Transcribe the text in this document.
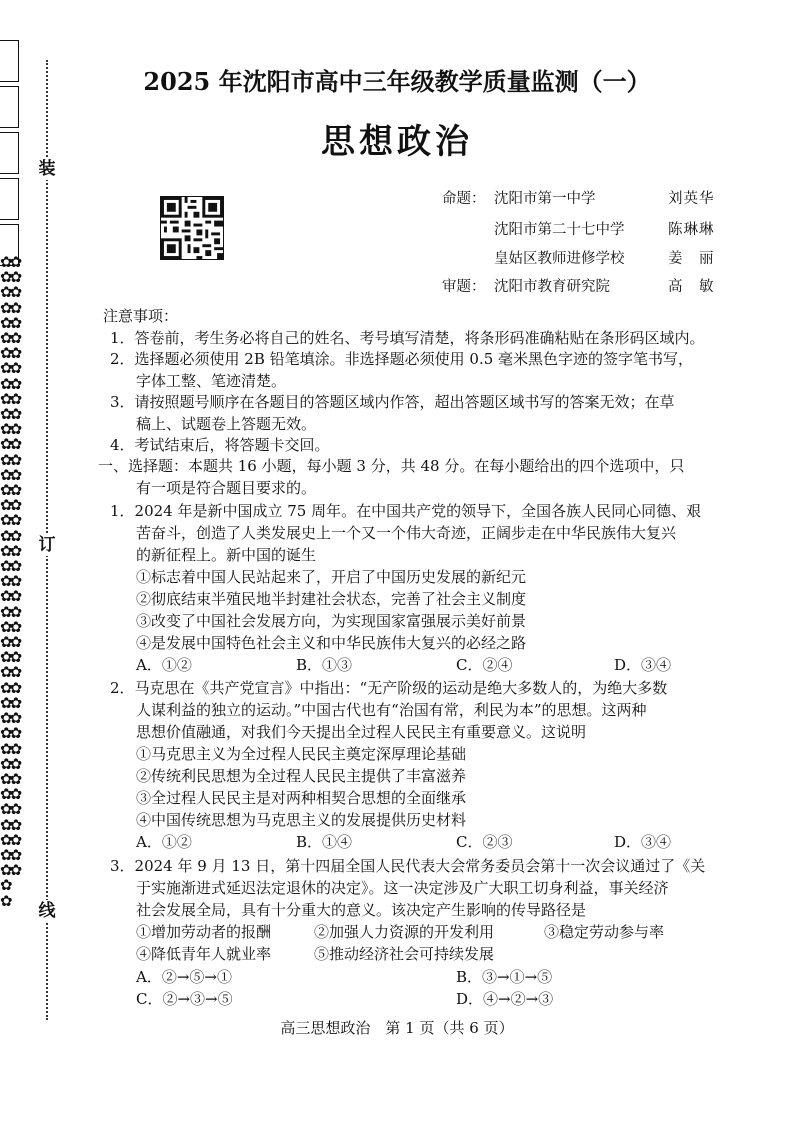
✿✿
✿✿
✿✿
✿✿
✿✿
✿✿
✿✿
✿✿
✿✿
✿✿
✿✿
✿✿
✿✿
✿✿
✿✿
✿✿
✿✿
✿✿
✿✿
✿✿
✿✿
✿✿
✿✿
✿✿
✿✿
✿✿
✿✿
✿✿
✿✿
✿✿
✿✿
✿✿
✿✿
✿✿
✿✿
✿✿
✿✿
✿✿
✿✿
✿✿
✿✿
✿
✿
装
订
线
2025 年沈阳市高中三年级教学质量监测（一）
思想政治
命题： 沈阳市第一中学	刘英华
沈阳市第二十七中学	陈琳琳
皇姑区教师进修学校	姜　丽
审题： 沈阳市教育研究院	高　敏
注意事项：
1．答卷前，考生务必将自己的姓名、考号填写清楚，将条形码准确粘贴在条形码区域内。
2．选择题必须使用 2B 铅笔填涂。非选择题必须使用 0.5 毫米黑色字迹的签字笔书写，
字体工整、笔迹清楚。
3．请按照题号顺序在各题目的答题区域内作答，超出答题区域书写的答案无效；在草
稿上、试题卷上答题无效。
4．考试结束后，将答题卡交回。
一、选择题：本题共 16 小题，每小题 3 分，共 48 分。在每小题给出的四个选项中，只
有一项是符合题目要求的。
1．2024 年是新中国成立 75 周年。在中国共产党的领导下，全国各族人民同心同德、艰
苦奋斗，创造了人类发展史上一个又一个伟大奇迹，正阔步走在中华民族伟大复兴
的新征程上。新中国的诞生
①标志着中国人民站起来了，开启了中国历史发展的新纪元
②彻底结束半殖民地半封建社会状态，完善了社会主义制度
③改变了中国社会发展方向，为实现国家富强展示美好前景
④是发展中国特色社会主义和中华民族伟大复兴的必经之路
A．①②	B．①③	C．②④	D．③④
2．马克思在《共产党宣言》中指出：“无产阶级的运动是绝大多数人的，为绝大多数
人谋利益的独立的运动。”中国古代也有“治国有常，利民为本”的思想。这两种
思想价值融通，对我们今天提出全过程人民民主有重要意义。这说明
①马克思主义为全过程人民民主奠定深厚理论基础
②传统利民思想为全过程人民民主提供了丰富滋养
③全过程人民民主是对两种相契合思想的全面继承
④中国传统思想为马克思主义的发展提供历史材料
A．①②	B．①④	C．②③	D．③④
3．2024 年 9 月 13 日，第十四届全国人民代表大会常务委员会第十一次会议通过了《关
于实施渐进式延迟法定退休的决定》。这一决定涉及广大职工切身利益，事关经济
社会发展全局，具有十分重大的意义。该决定产生影响的传导路径是
①增加劳动者的报酬	②加强人力资源的开发利用	③稳定劳动参与率
④降低青年人就业率	⑤推动经济社会可持续发展
A．②→⑤→①	B．③→①→⑤
C．②→③→⑤	D．④→②→③
高三思想政治　第 1 页（共 6 页）
